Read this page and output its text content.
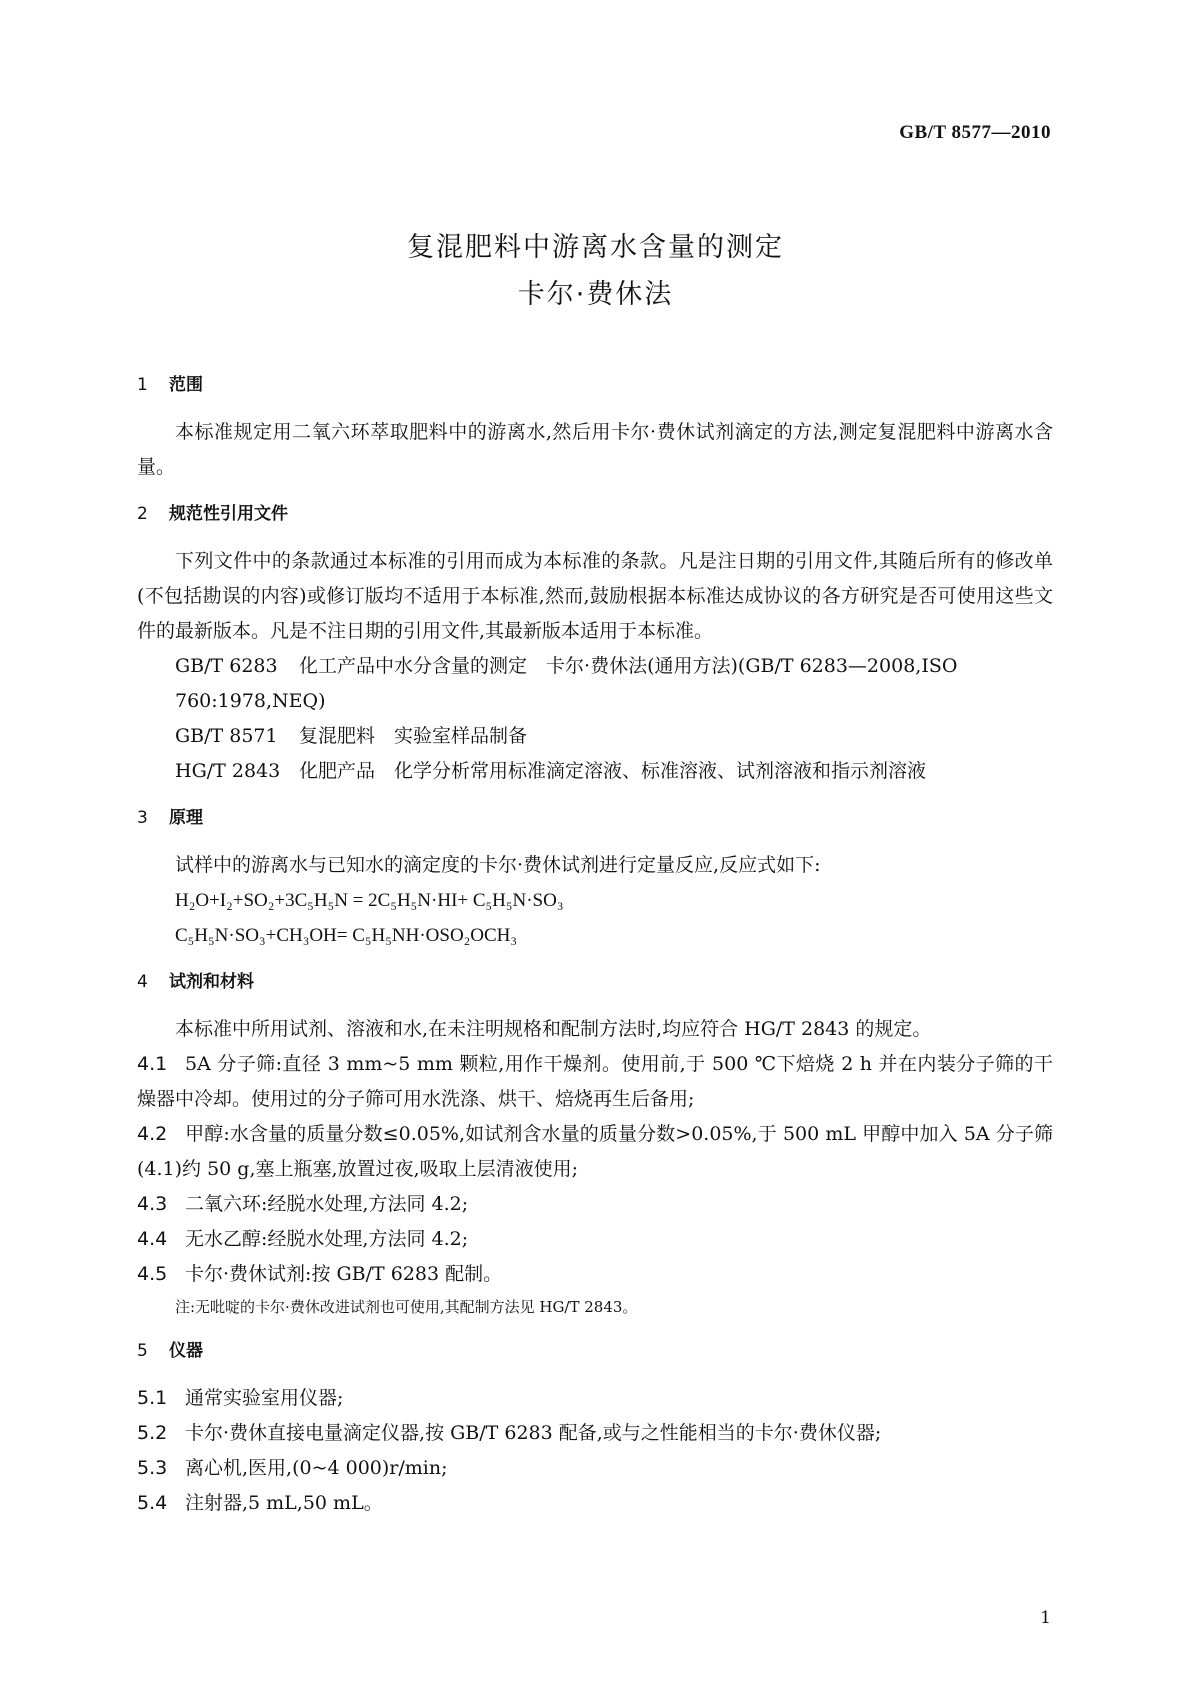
GB/T 8577—2010
复混肥料中游离水含量的测定
卡尔·费休法

1 范围

本标准规定用二氧六环萃取肥料中的游离水,然后用卡尔·费休试剂滴定的方法,测定复混肥料中游离水含量。

2 规范性引用文件

下列文件中的条款通过本标准的引用而成为本标准的条款。凡是注日期的引用文件,其随后所有的修改单(不包括勘误的内容)或修订版均不适用于本标准,然而,鼓励根据本标准达成协议的各方研究是否可使用这些文件的最新版本。凡是不注日期的引用文件,其最新版本适用于本标准。

GB/T 6283 化工产品中水分含量的测定　卡尔·费休法(通用方法)(GB/T 6283—2008,ISO 760:1978,NEQ)

GB/T 8571 复混肥料　实验室样品制备

HG/T 2843 化肥产品　化学分析常用标准滴定溶液、标准溶液、试剂溶液和指示剂溶液

3 原理

试样中的游离水与已知水的滴定度的卡尔·费休试剂进行定量反应,反应式如下:

H₂O+I₂+SO₂+3C₅H₅N = 2C₅H₅N·HI+ C₅H₅N·SO₃

C₅H₅N·SO₃+CH₃OH= C₅H₅NH·OSO₂OCH₃

4 试剂和材料

本标准中所用试剂、溶液和水,在未注明规格和配制方法时,均应符合 HG/T 2843 的规定。

4.1 5A 分子筛:直径 3 mm~5 mm 颗粒,用作干燥剂。使用前,于 500 ℃下焙烧 2 h 并在内装分子筛的干燥器中冷却。使用过的分子筛可用水洗涤、烘干、焙烧再生后备用;

4.2 甲醇:水含量的质量分数≤0.05%,如试剂含水量的质量分数>0.05%,于 500 mL 甲醇中加入 5A 分子筛(4.1)约 50 g,塞上瓶塞,放置过夜,吸取上层清液使用;

4.3 二氧六环:经脱水处理,方法同 4.2;

4.4 无水乙醇:经脱水处理,方法同 4.2;

4.5 卡尔·费休试剂:按 GB/T 6283 配制。

注:无吡啶的卡尔·费休改进试剂也可使用,其配制方法见 HG/T 2843。

5 仪器

5.1 通常实验室用仪器;

5.2 卡尔·费休直接电量滴定仪器,按 GB/T 6283 配备,或与之性能相当的卡尔·费休仪器;

5.3 离心机,医用,(0~4 000)r/min;

5.4 注射器,5 mL,50 mL。

1
